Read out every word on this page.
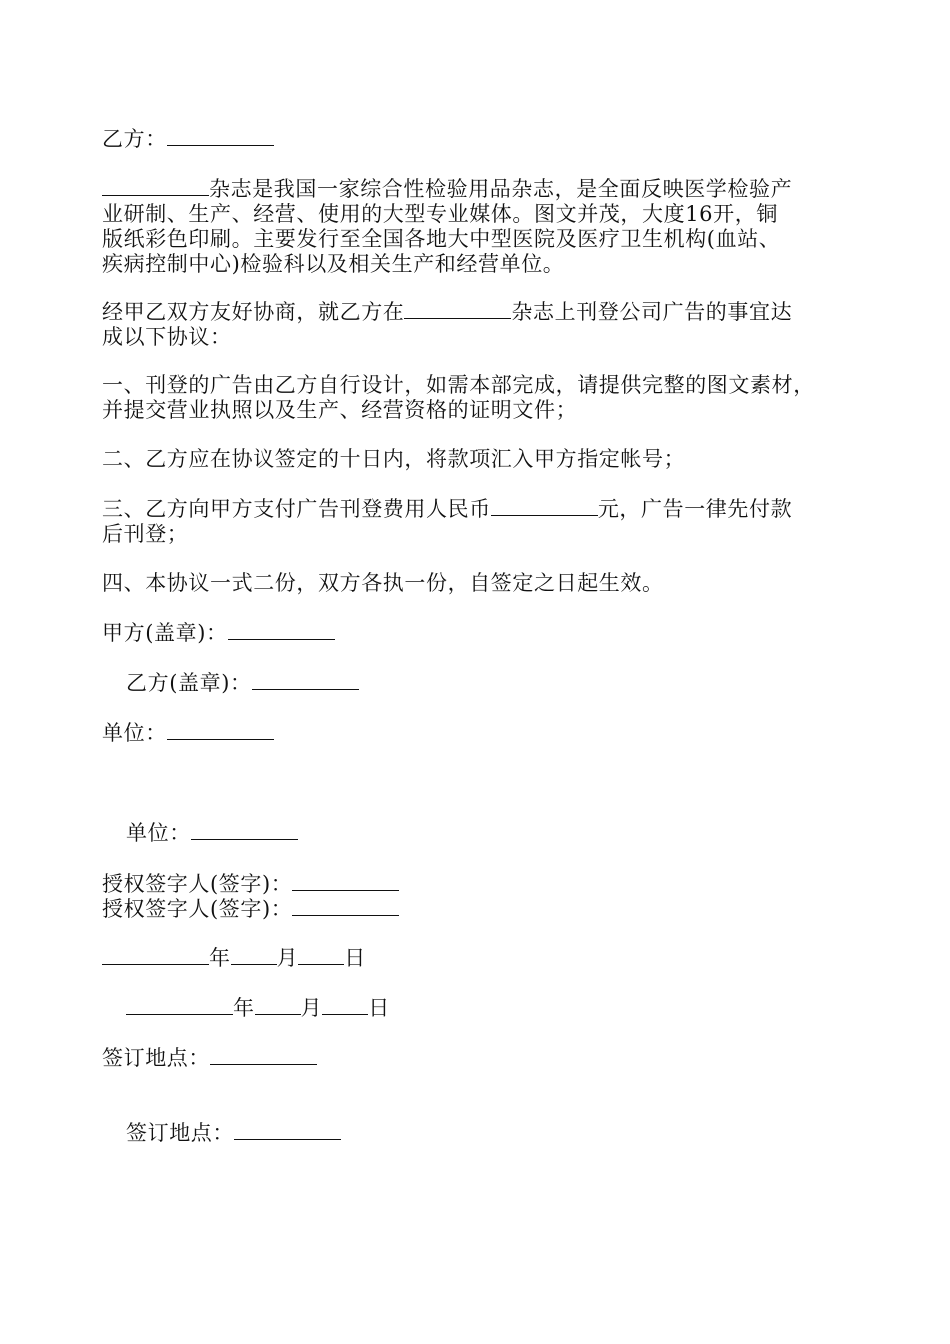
乙方：
杂志是我国一家综合性检验用品杂志，是全面反映医学检验产
业研制、生产、经营、使用的大型专业媒体。图文并茂，大度16开，铜
版纸彩色印刷。主要发行至全国各地大中型医院及医疗卫生机构(血站、
疾病控制中心)检验科以及相关生产和经营单位。
经甲乙双方友好协商，就乙方在	杂志上刊登公司广告的事宜达
成以下协议：
一、刊登的广告由乙方自行设计，如需本部完成，请提供完整的图文素材，
并提交营业执照以及生产、经营资格的证明文件；
二、乙方应在协议签定的十日内，将款项汇入甲方指定帐号；
三、乙方向甲方支付广告刊登费用人民币	元，广告一律先付款
后刊登；
四、本协议一式二份，双方各执一份，自签定之日起生效。
甲方(盖章)：
乙方(盖章)：
单位：
单位：
授权签字人(签字)：
授权签字人(签字)：
年 月 日
年 月 日
签订地点：
签订地点：
